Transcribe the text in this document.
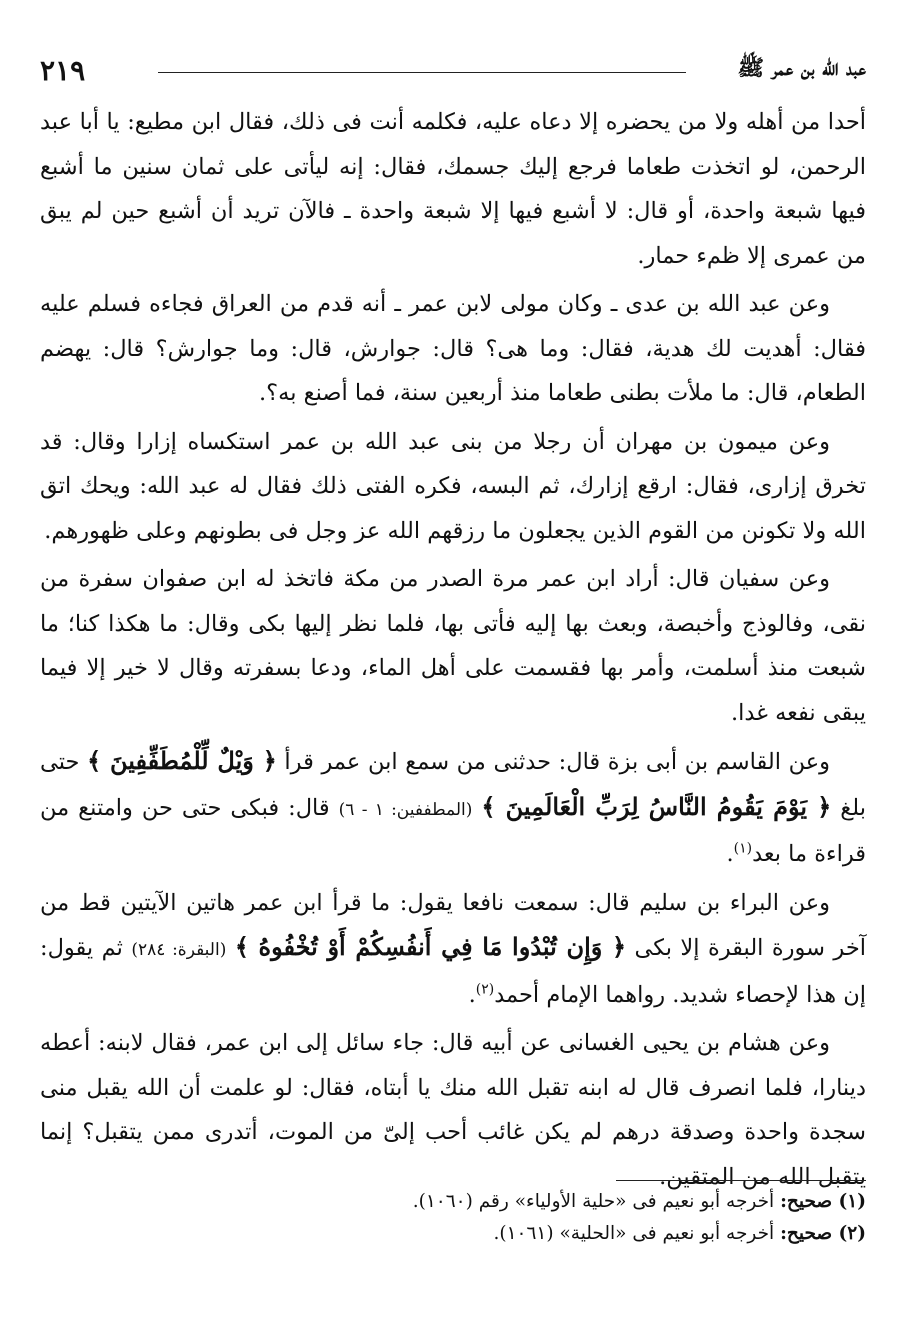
٢١٩	عبد الله بن عمر ﷺ

أحدا من أهله ولا من يحضره إلا دعاه عليه، فكلمه أنت فى ذلك، فقال ابن مطيع: يا أبا عبد الرحمن، لو اتخذت طعاما فرجع إليك جسمك، فقال: إنه ليأتى على ثمان سنين ما أشبع فيها شبعة واحدة، أو قال: لا أشبع فيها إلا شبعة واحدة ـ فالآن تريد أن أشبع حين لم يبق من عمرى إلا ظمء حمار.

وعن عبد الله بن عدى ـ وكان مولى لابن عمر ـ أنه قدم من العراق فجاءه فسلم عليه فقال: أهديت لك هدية، فقال: وما هى؟ قال: جوارش، قال: وما جوارش؟ قال: يهضم الطعام، قال: ما ملأت بطنى طعاما منذ أربعين سنة، فما أصنع به؟.

وعن ميمون بن مهران أن رجلا من بنى عبد الله بن عمر استكساه إزارا وقال: قد تخرق إزارى، فقال: ارقع إزارك، ثم البسه، فكره الفتى ذلك فقال له عبد الله: ويحك اتق الله ولا تكونن من القوم الذين يجعلون ما رزقهم الله عز وجل فى بطونهم وعلى ظهورهم.

وعن سفيان قال: أراد ابن عمر مرة الصدر من مكة فاتخذ له ابن صفوان سفرة من نقى، وفالوذج وأخبصة، وبعث بها إليه فأتى بها، فلما نظر إليها بكى وقال: ما هكذا كنا؛ ما شبعت منذ أسلمت، وأمر بها فقسمت على أهل الماء، ودعا بسفرته وقال لا خير إلا فيما يبقى نفعه غدا.

وعن القاسم بن أبى بزة قال: حدثنى من سمع ابن عمر قرأ ﴿ وَيْلٌ لِّلْمُطَفِّفِينَ ﴾ حتى بلغ ﴿ يَوْمَ يَقُومُ النَّاسُ لِرَبِّ الْعَالَمِينَ ﴾ (المطففين: ١ - ٦) قال: فبكى حتى حن وامتنع من قراءة ما بعد$^{(١)}$.

وعن البراء بن سليم قال: سمعت نافعا يقول: ما قرأ ابن عمر هاتين الآيتين قط من آخر سورة البقرة إلا بكى ﴿ وَإِن تُبْدُوا مَا فِي أَنفُسِكُمْ أَوْ تُخْفُوهُ ﴾ (البقرة: ٢٨٤) ثم يقول: إن هذا لإحصاء شديد. رواهما الإمام أحمد$^{(٢)}$.

وعن هشام بن يحيى الغسانى عن أبيه قال: جاء سائل إلى ابن عمر، فقال لابنه: أعطه دينارا، فلما انصرف قال له ابنه تقبل الله منك يا أبتاه، فقال: لو علمت أن الله يقبل منى سجدة واحدة وصدقة درهم لم يكن غائب أحب إلىّ من الموت، أتدرى ممن يتقبل؟ إنما يتقبل الله من المتقين.

(١) صحيح: أخرجه أبو نعيم فى «حلية الأولياء» رقم (١٠٦٠).
(٢) صحيح: أخرجه أبو نعيم فى «الحلية» (١٠٦١).
